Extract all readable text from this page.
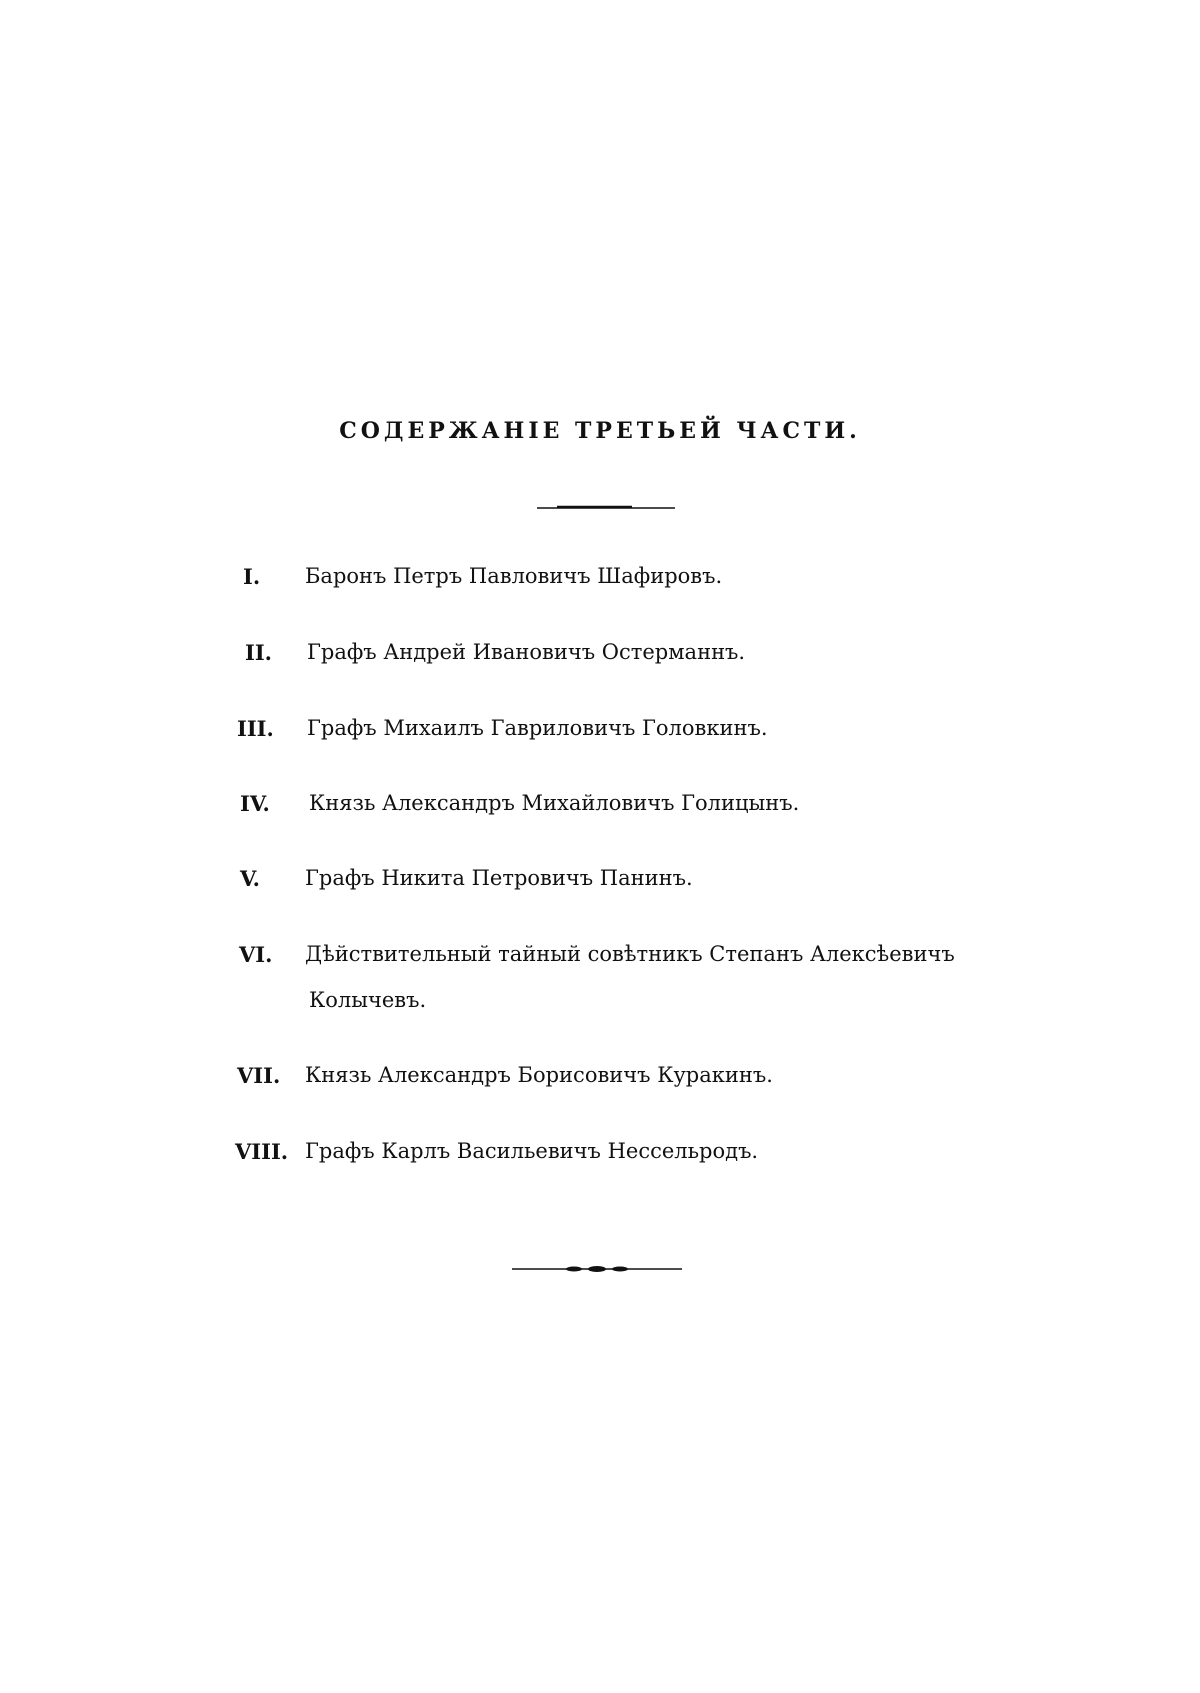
СОДЕРЖАНІЕ ТРЕТЬЕЙ ЧАСТИ.
I. Баронъ Петръ Павловичъ Шафировъ.
II. Графъ Андрей Ивановичъ Остерманнъ.
III. Графъ Михаилъ Гавриловичъ Головкинъ.
IV. Князь Александръ Михайловичъ Голицынъ.
V. Графъ Никита Петровичъ Панинъ.
VI. Дѣйствительный тайный совѣтникъ Степанъ Алексѣевичъ
Колычевъ.
VII. Князь Александръ Борисовичъ Куракинъ.
VIII. Графъ Карлъ Васильевичъ Нессельродъ.
